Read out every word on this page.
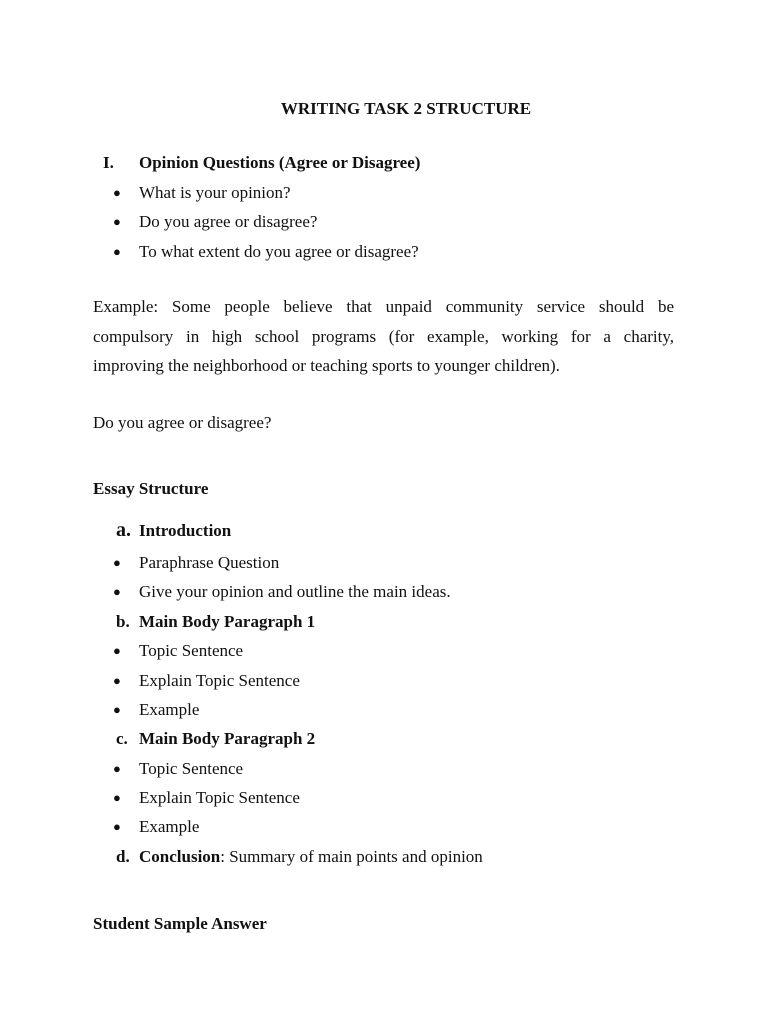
WRITING TASK 2 STRUCTURE
I. Opinion Questions (Agree or Disagree)
● What is your opinion?
● Do you agree or disagree?
● To what extent do you agree or disagree?
Example: Some people believe that unpaid community service should be
compulsory in high school programs (for example, working for a charity,
improving the neighborhood or teaching sports to younger children).
Do you agree or disagree?
Essay Structure
a. Introduction
● Paraphrase Question
● Give your opinion and outline the main ideas.
b. Main Body Paragraph 1
● Topic Sentence
● Explain Topic Sentence
● Example
c. Main Body Paragraph 2
● Topic Sentence
● Explain Topic Sentence
● Example
d. Conclusion: Summary of main points and opinion
Student Sample Answer
